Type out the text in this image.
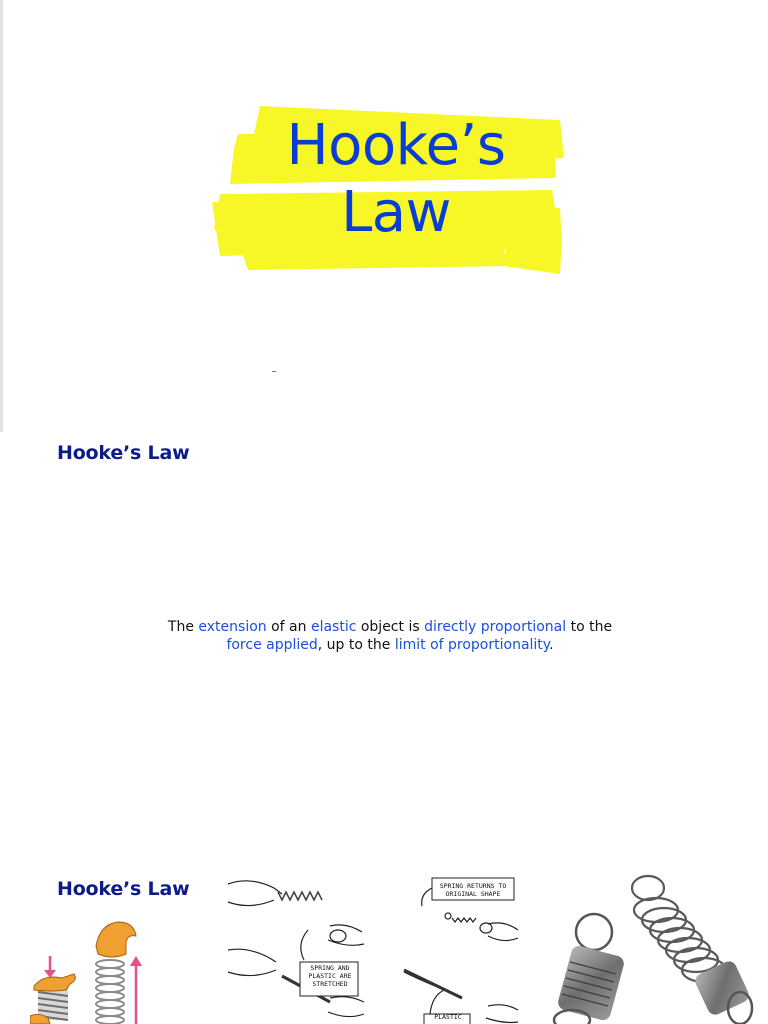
Hooke’s
Law
Hooke’s Law
The extension of an elastic object is directly proportional to the force applied, up to the limit of proportionality.
Hooke’s Law
SPRING AND PLASTIC ARE STRETCHED
SPRING RETURNS TO ORIGINAL SHAPE
PLASTIC
